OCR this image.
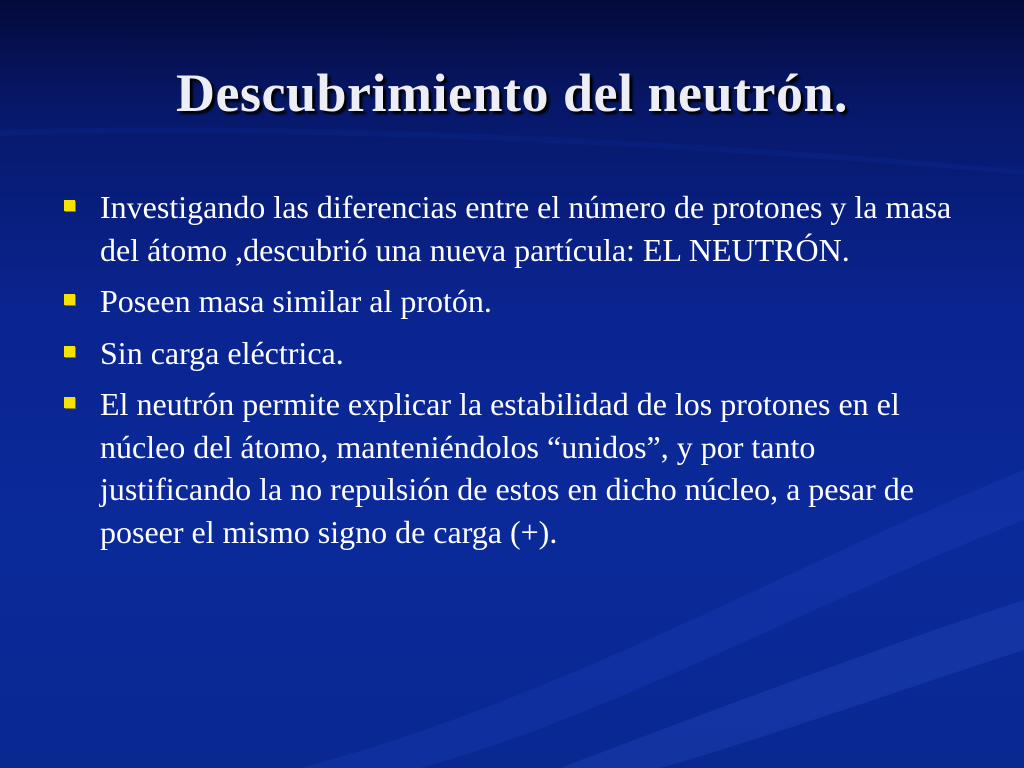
Descubrimiento del neutrón.
Investigando las diferencias entre el número de protones y la masa del átomo ,descubrió una nueva partícula: EL NEUTRÓN.
Poseen masa similar al protón.
Sin carga eléctrica.
El neutrón permite explicar la estabilidad de los protones en el núcleo del átomo, manteniéndolos “unidos”, y por tanto justificando la no repulsión de estos en dicho núcleo, a pesar de poseer el mismo signo de carga (+).
